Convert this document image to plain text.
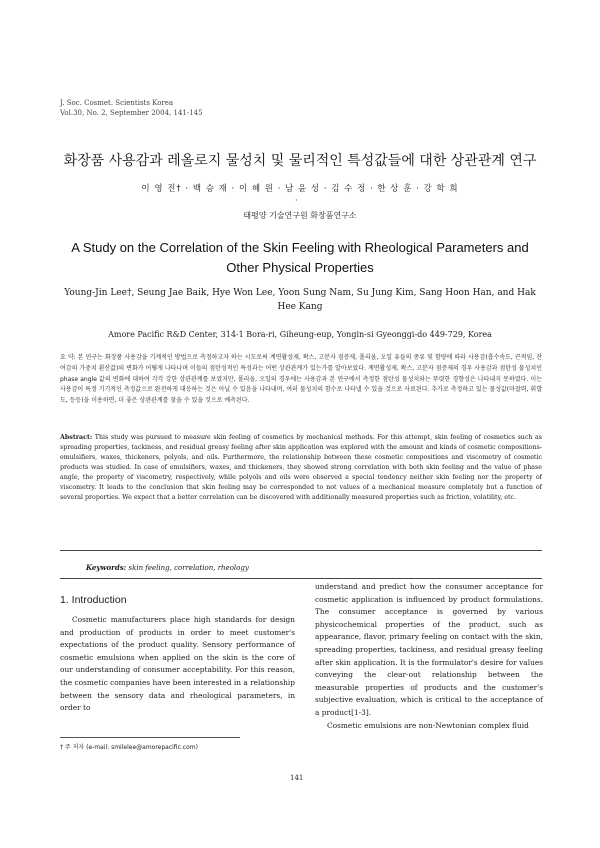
J. Soc. Cosmet. Scientists Korea
Vol.30, No. 2, September 2004, 141-145
화장품 사용감과 레올로지 물성치 및 물리적인 특성값들에 대한 상관관계 연구
이 영 진† · 백 승 재 · 이 혜 원 · 남 윤 성 · 김 수 정 · 한 상 훈 · 강 학 희
·
태평양 기술연구원 화장품연구소
A Study on the Correlation of the Skin Feeling with Rheological Parameters and Other Physical Properties
Young-Jin Lee†, Seung Jae Baik, Hye Won Lee, Yoon Sung Nam, Su Jung Kim, Sang Hoon Han, and Hak Hee Kang
Amore Pacific R&D Center, 314-1 Bora-ri, Giheung-eup, Yongin-si Gyeonggi-do 449-729, Korea
요 약: 본 연구는 화장품 사용감을 기계적인 방법으로 측정하고자 하는 시도로써 계면활성제, 왁스, 고분자 점증제, 폴리올, 오일 유들의 종류 및 함량에 따라 사용감(흡수속도, 끈적임, 잔여감의 가중치 환산값)의 변화가 어떻게 나타나며 이들의 점탄성적인 특성과는 어떤 상관관계가 있는가를 알아보았다. 계면활성제, 왁스, 고분자 점증제의 경우 사용감과 점탄성 물성치인 phase angle 값의 변화에 대하여 각각 강한 상관관계를 보였지만, 폴리올, 오일의 경우에는 사용감과 본 연구에서 측정한 점탄성 물성치와는 뚜렷한 경향성은 나타내지 못하였다. 이는 사용감이 특정 기기적인 측정값으로 완전하게 대응하는 것은 아닐 수 있음을 나타내며, 여러 물성치의 함수로 나타낼 수 있을 것으로 사료된다. 추가로 측정하고 있는 물성값(마찰력, 휘발도, 등등)을 이용하면, 더 좋은 상관관계를 찾을 수 있을 것으로 예측된다.
Abstract: This study was pursued to measure skin feeling of cosmetics by mechanical methods. For this attempt, skin feeling of cosmetics such as spreading properties, tackiness, and residual greasy feeling after skin application was explored with the amount and kinds of cosmetic compositions-emulsifiers, waxes, thickeners, polyols, and oils. Furthermore, the relationship between these cosmetic compositions and viscometry of cosmetic products was studied. In case of emulsifiers, waxes, and thickeners, they showed strong correlation with both skin feeling and the value of phase angle, the property of viscometry, respectively, while polyols and oils were observed a special tendency neither skin feeling nor the property of viscometry. It leads to the conclusion that skin feeling may be corresponded to not values of a mechanical measure completely but a function of several properties. We expect that a better correlation can be discovered with additionally measured properties such as friction, volatility, etc.
Keywords: skin feeling, correlation, rheology
1. Introduction

Cosmetic manufacturers place high standards for design and production of products in order to meet customer's expectations of the product quality. Sensory performance of cosmetic emulsions when applied on the skin is the core of our understanding of consumer acceptability. For this reason, the cosmetic companies have been interested in a relationship between the sensory data and rheological parameters, in order to

understand and predict how the consumer acceptance for cosmetic application is influenced by product formulations. The consumer acceptance is governed by various physicochemical properties of the product, such as appearance, flavor, primary feeling on contact with the skin, spreading properties, tackiness, and residual greasy feeling after skin application. It is the formulator's desire for values conveying the clear-out relationship between the measurable properties of products and the customer's subjective evaluation, which is critical to the acceptance of a product[1-3].

Cosmetic emulsions are non-Newtonian complex fluid

† 주 저자 (e-mail: smilelee@amorepacific.com)
141
